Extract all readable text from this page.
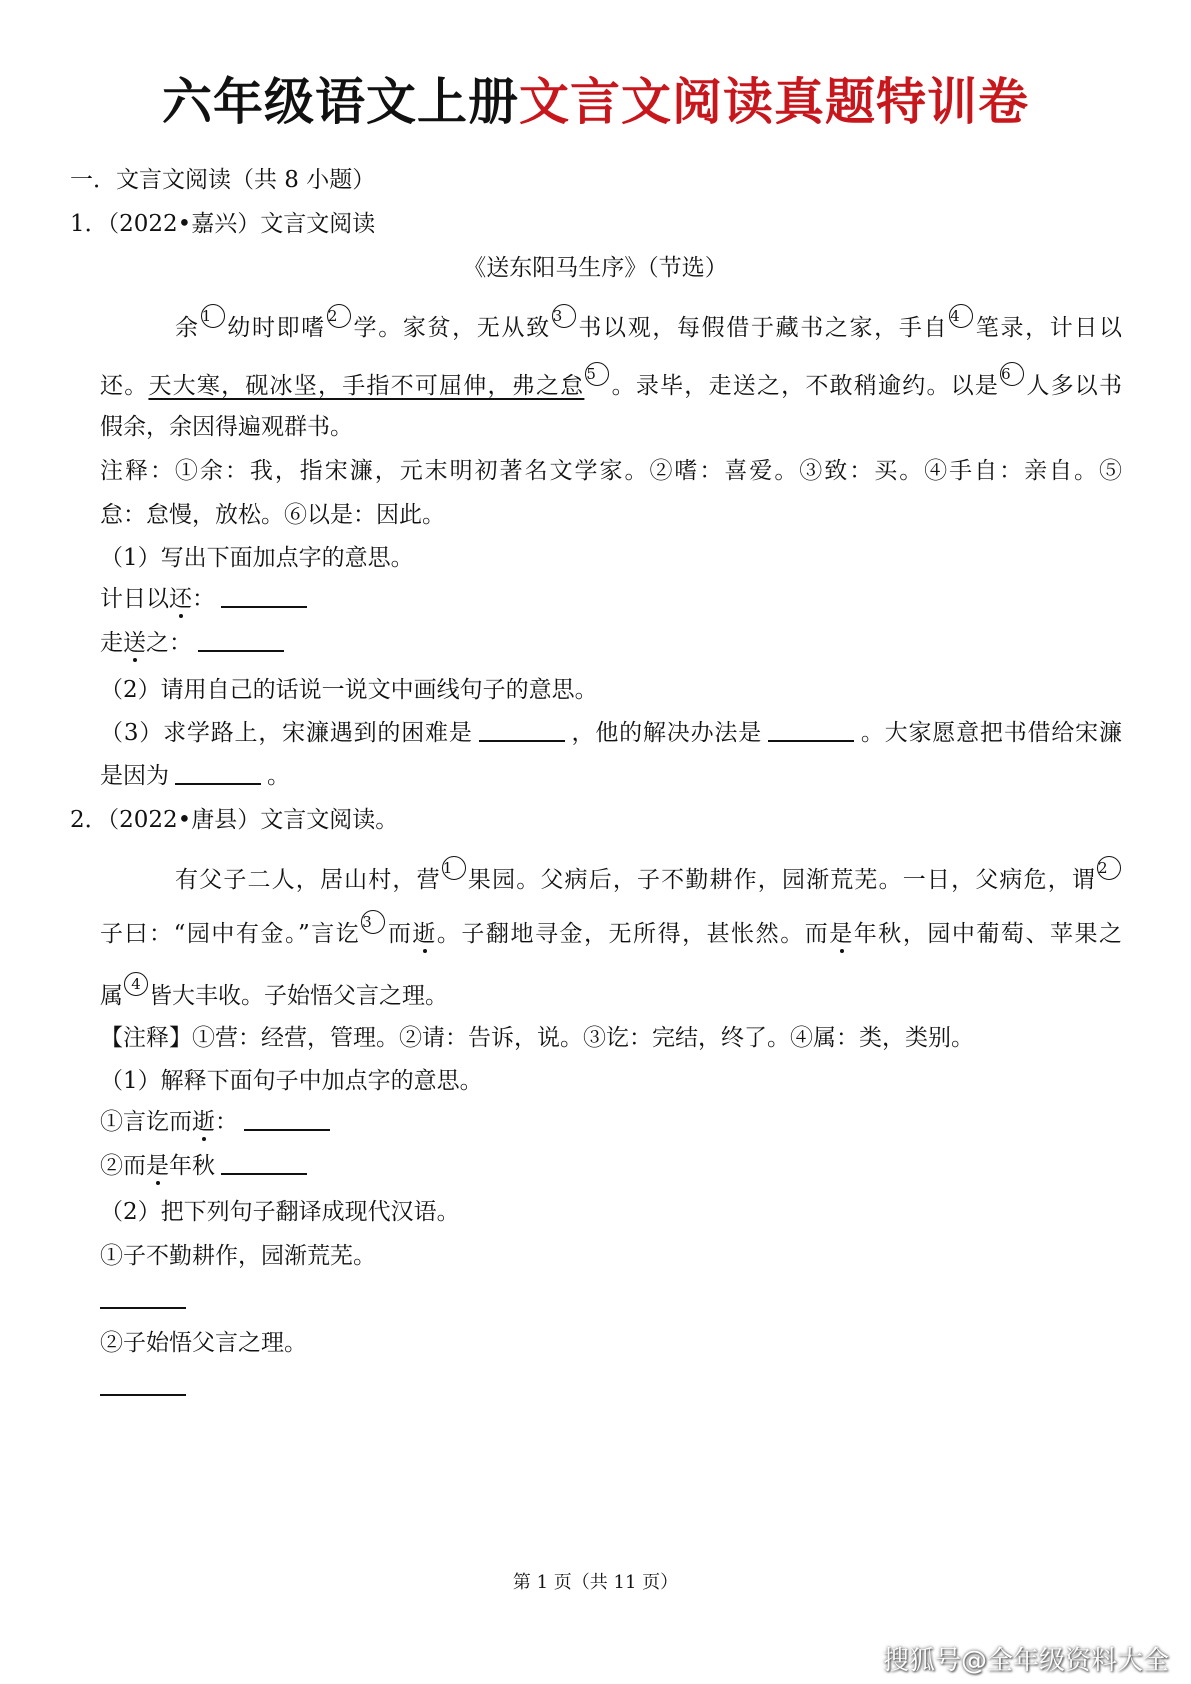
六年级语文上册文言文阅读真题特训卷
一．文言文阅读（共 8 小题）
1．（2022•嘉兴）文言文阅读
《送东阳马生序》（节选）
余 1 幼时即嗜 2 学。家贫，无从致 3 书以观，每假借于藏书之家，手自 4 笔录，计日以
还。天大寒，砚冰坚，手指不可屈伸，弗之怠 5 。录毕，走送之，不敢稍逾约。以是 6 人多以书
假余，余因得遍观群书。
注释：①余：我，指宋濂，元末明初著名文学家。②嗜：喜爱。③致：买。④手自：亲自。⑤
怠：怠慢，放松。⑥以是：因此。
（1）写出下面加点字的意思。
计日以还：
走送之：
（2）请用自己的话说一说文中画线句子的意思。
（3）求学路上，宋濂遇到的困难是	，他的解决办法是	。大家愿意把书借给宋濂
是因为	。
2．（2022•唐县）文言文阅读。
有父子二人，居山村，营 1 果园。父病后，子不勤耕作，园渐荒芜。一日，父病危，谓 2
子曰：“园中有金。”言讫 3 而逝。子翻地寻金，无所得，甚怅然。而是年秋，园中葡萄、苹果之
属 4 皆大丰收。子始悟父言之理。
【注释】①营：经营，管理。②请：告诉，说。③讫：完结，终了。④属：类，类别。
（1）解释下面句子中加点字的意思。
①言讫而逝：
②而是年秋
（2）把下列句子翻译成现代汉语。
①子不勤耕作，园渐荒芜。
②子始悟父言之理。
第 1 页（共 11 页）
搜狐号@全年级资料大全
